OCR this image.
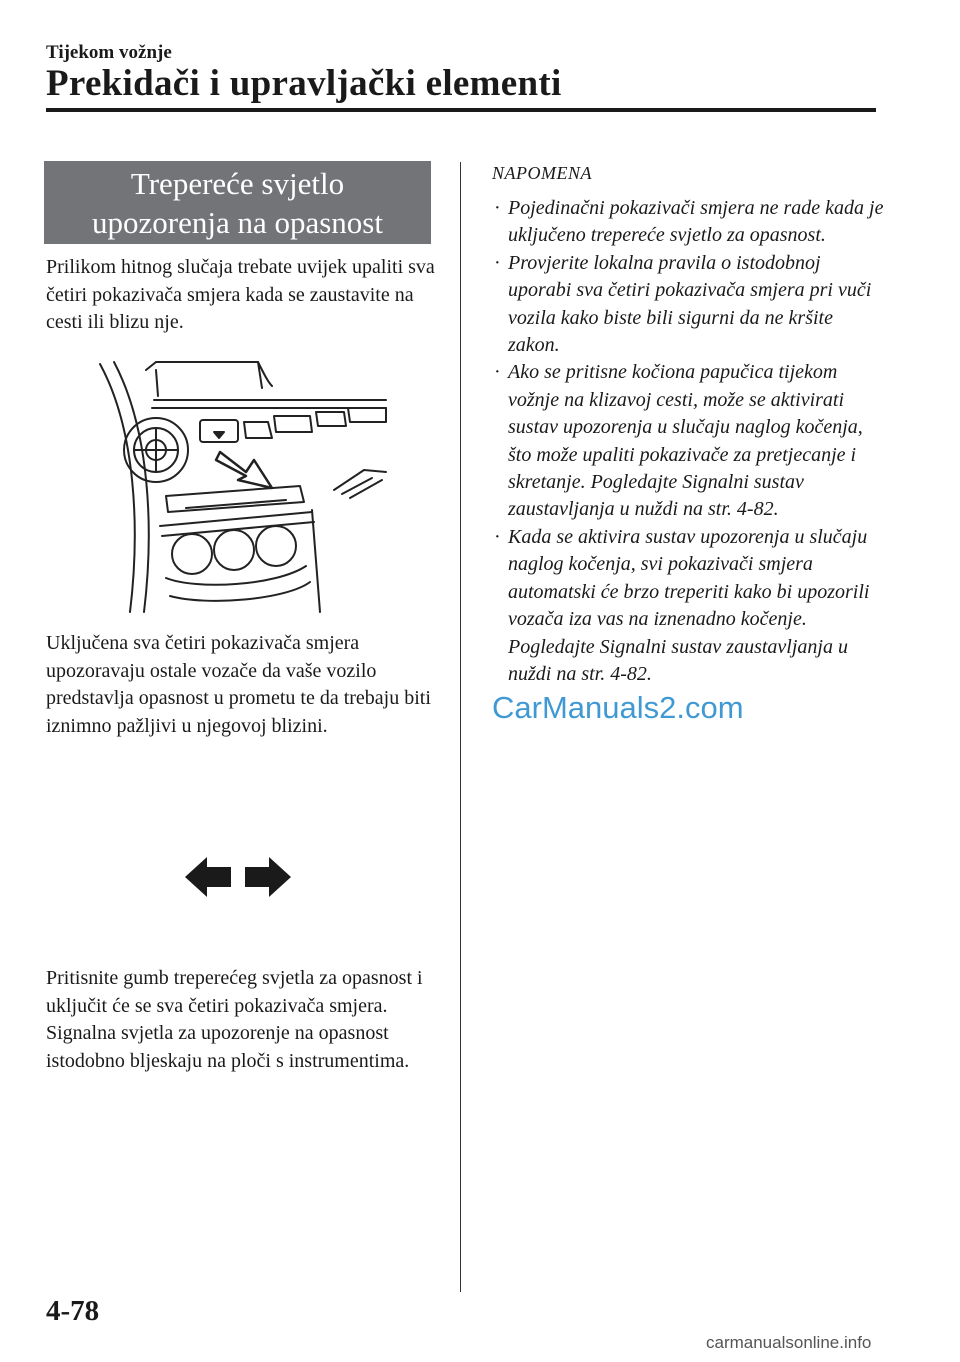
Tijekom vožnje

Prekidači i upravljački elementi
Trepereće svjetlo
upozorenja na opasnost

Prilikom hitnog slučaja trebate uvijek upaliti sva četiri pokazivača smjera kada se zaustavite na cesti ili blizu nje.

Uključena sva četiri pokazivača smjera upozoravaju ostale vozače da vaše vozilo predstavlja opasnost u prometu te da trebaju biti iznimno pažljivi u njegovoj blizini.

Pritisnite gumb treperećeg svjetla za opasnost i uključit će se sva četiri pokazivača smjera. Signalna svjetla za upozorenje na opasnost istodobno bljeskaju na ploči s instrumentima.

NAPOMENA

· Pojedinačni pokazivači smjera ne rade kada je uključeno trepereće svjetlo za opasnost.
· Provjerite lokalna pravila o istodobnoj uporabi sva četiri pokazivača smjera pri vuči vozila kako biste bili sigurni da ne kršite zakon.
· Ako se pritisne kočiona papučica tijekom vožnje na klizavoj cesti, može se aktivirati sustav upozorenja u slučaju naglog kočenja, što može upaliti pokazivače za pretjecanje i skretanje. Pogledajte Signalni sustav zaustavljanja u nuždi na str. 4-82.
· Kada se aktivira sustav upozorenja u slučaju naglog kočenja, svi pokazivači smjera automatski će brzo treperiti kako bi upozorili vozača iza vas na iznenadno kočenje. Pogledajte Signalni sustav zaustavljanja u nuždi na str. 4-82.

CarManuals2.com

4-78

carmanualsonline.info
